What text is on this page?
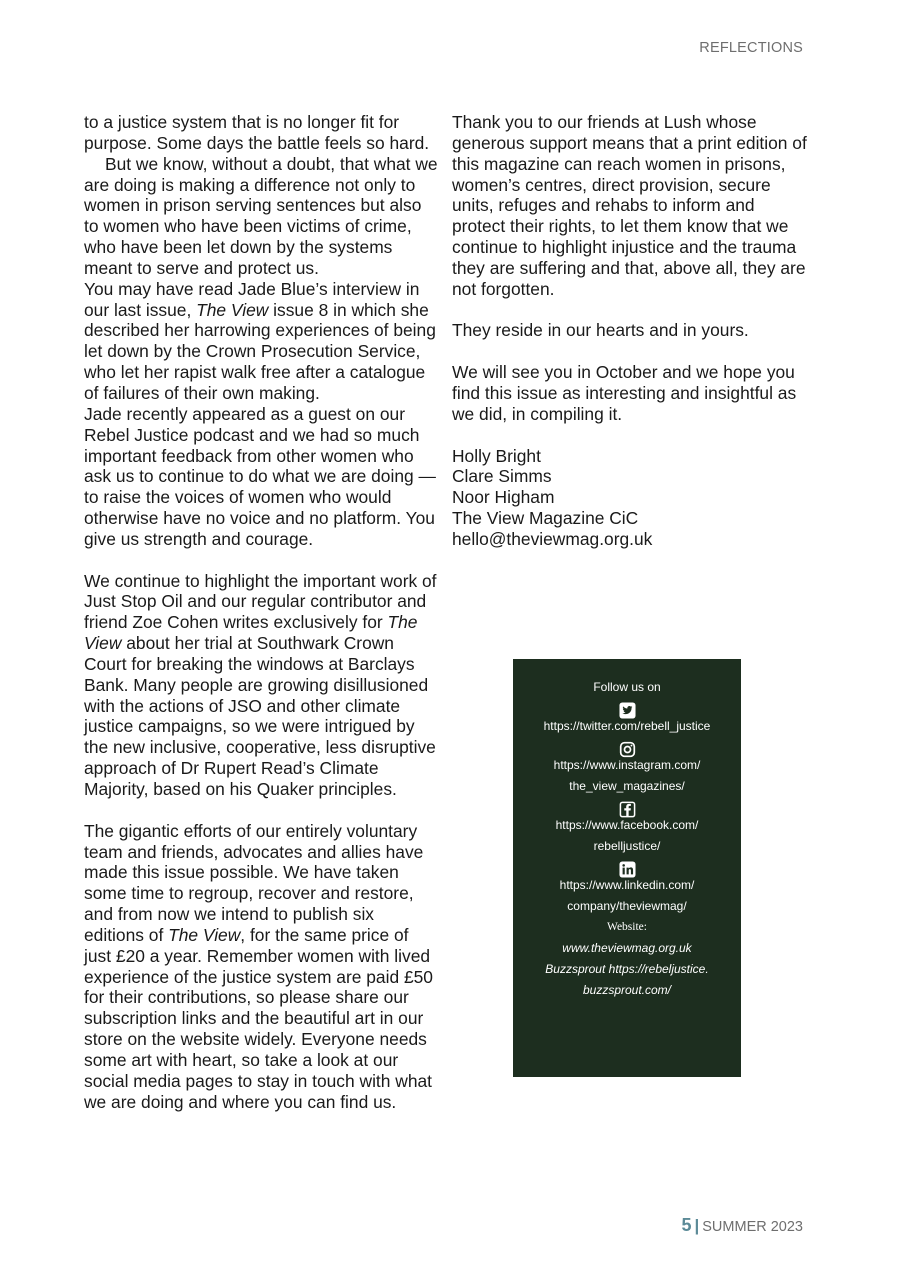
REFLECTIONS

to a justice system that is no longer fit for purpose. Some days the battle feels so hard.

But we know, without a doubt, that what we are doing is making a difference not only to women in prison serving sentences but also to women who have been victims of crime, who have been let down by the systems meant to serve and protect us.

You may have read Jade Blue’s interview in our last issue, The View issue 8 in which she described her harrowing experiences of being let down by the Crown Prosecution Service, who let her rapist walk free after a catalogue of failures of their own making.

Jade recently appeared as a guest on our Rebel Justice podcast and we had so much important feedback from other women who ask us to continue to do what we are doing — to raise the voices of women who would otherwise have no voice and no platform. You give us strength and courage.

We continue to highlight the important work of Just Stop Oil and our regular contributor and friend Zoe Cohen writes exclusively for The View about her trial at Southwark Crown Court for breaking the windows at Barclays Bank. Many people are growing disillusioned with the actions of JSO and other climate justice campaigns, so we were intrigued by the new inclusive, cooperative, less disruptive approach of Dr Rupert Read’s Climate Majority, based on his Quaker principles.

The gigantic efforts of our entirely voluntary team and friends, advocates and allies have made this issue possible. We have taken some time to regroup, recover and restore, and from now we intend to publish six editions of The View, for the same price of just £20 a year. Remember women with lived experience of the justice system are paid £50 for their contributions, so please share our subscription links and the beautiful art in our store on the website widely. Everyone needs some art with heart, so take a look at our social media pages to stay in touch with what we are doing and where you can find us.

Thank you to our friends at Lush whose generous support means that a print edition of this magazine can reach women in prisons, women’s centres, direct provision, secure units, refuges and rehabs to inform and protect their rights, to let them know that we continue to highlight injustice and the trauma they are suffering and that, above all, they are not forgotten.

They reside in our hearts and in yours.

We will see you in October and we hope you find this issue as interesting and insightful as we did, in compiling it.

Holly Bright
Clare Simms
Noor Higham
The View Magazine CiC
hello@theviewmag.org.uk

Follow us on
https://twitter.com/rebell_justice
https://www.instagram.com/
the_view_magazines/
https://www.facebook.com/
rebelljustice/
https://www.linkedin.com/
company/theviewmag/
Website:
www.theviewmag.org.uk
Buzzsprout https://rebeljustice.
buzzsprout.com/
5 | SUMMER 2023
